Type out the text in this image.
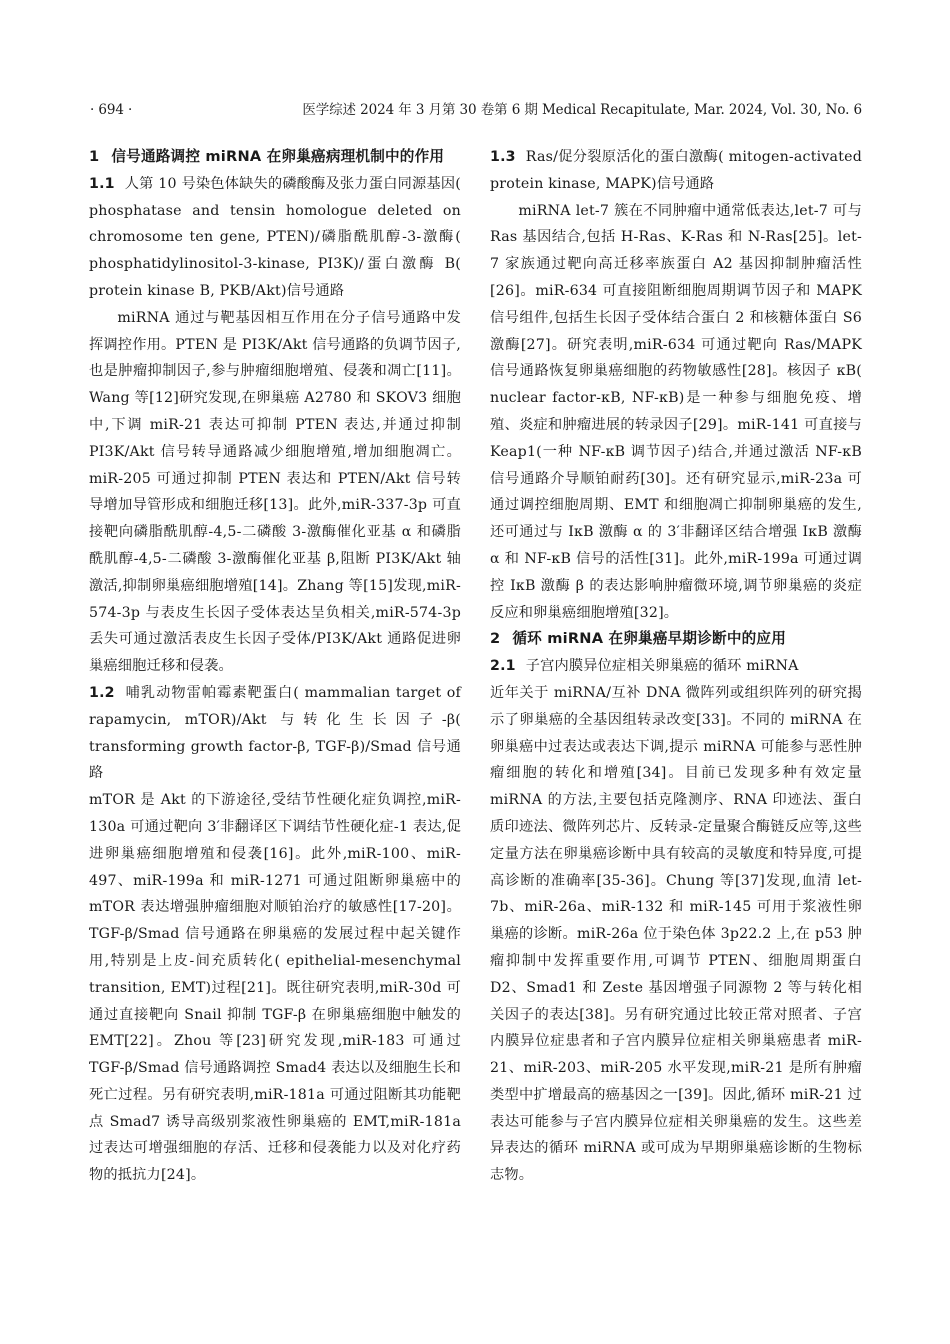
· 694 ·	医学综述 2024 年 3 月第 30 卷第 6 期 Medical Recapitulate, Mar. 2024, Vol. 30, No. 6

1 信号通路调控 miRNA 在卵巢癌病理机制中的作用

1.1 人第 10 号染色体缺失的磷酸酶及张力蛋白同源基因( phosphatase and tensin homologue deleted on chromosome ten gene, PTEN)/磷脂酰肌醇-3-激酶( phosphatidylinositol-3-kinase, PI3K)/蛋白激酶 B( protein kinase B, PKB/Akt)信号通路

miRNA 通过与靶基因相互作用在分子信号通路中发挥调控作用。PTEN 是 PI3K/Akt 信号通路的负调节因子,也是肿瘤抑制因子,参与肿瘤细胞增殖、侵袭和凋亡[11]。Wang 等[12]研究发现,在卵巢癌 A2780 和 SKOV3 细胞中,下调 miR-21 表达可抑制 PTEN 表达,并通过抑制 PI3K/Akt 信号转导通路减少细胞增殖,增加细胞凋亡。miR-205 可通过抑制 PTEN 表达和 PTEN/Akt 信号转导增加导管形成和细胞迁移[13]。此外,miR-337-3p 可直接靶向磷脂酰肌醇-4,5-二磷酸 3-激酶催化亚基 α 和磷脂酰肌醇-4,5-二磷酸 3-激酶催化亚基 β,阻断 PI3K/Akt 轴激活,抑制卵巢癌细胞增殖[14]。Zhang 等[15]发现,miR-574-3p 与表皮生长因子受体表达呈负相关,miR-574-3p 丢失可通过激活表皮生长因子受体/PI3K/Akt 通路促进卵巢癌细胞迁移和侵袭。

1.2 哺乳动物雷帕霉素靶蛋白( mammalian target of rapamycin, mTOR)/Akt 与转化生长因子-β( transforming growth factor-β, TGF-β)/Smad 信号通路

mTOR 是 Akt 的下游途径,受结节性硬化症负调控,miR-130a 可通过靶向 3′非翻译区下调结节性硬化症-1 表达,促进卵巢癌细胞增殖和侵袭[16]。此外,miR-100、miR-497、miR-199a 和 miR-1271 可通过阻断卵巢癌中的 mTOR 表达增强肿瘤细胞对顺铂治疗的敏感性[17-20]。TGF-β/Smad 信号通路在卵巢癌的发展过程中起关键作用,特别是上皮-间充质转化( epithelial-mesenchymal transition, EMT)过程[21]。既往研究表明,miR-30d 可通过直接靶向 Snail 抑制 TGF-β 在卵巢癌细胞中触发的 EMT[22]。Zhou 等[23]研究发现,miR-183 可通过 TGF-β/Smad 信号通路调控 Smad4 表达以及细胞生长和死亡过程。另有研究表明,miR-181a 可通过阻断其功能靶点 Smad7 诱导高级别浆液性卵巢癌的 EMT,miR-181a 过表达可增强细胞的存活、迁移和侵袭能力以及对化疗药物的抵抗力[24]。

1.3 Ras/促分裂原活化的蛋白激酶( mitogen-activated protein kinase, MAPK)信号通路

miRNA let-7 簇在不同肿瘤中通常低表达,let-7 可与 Ras 基因结合,包括 H-Ras、K-Ras 和 N-Ras[25]。let-7 家族通过靶向高迁移率族蛋白 A2 基因抑制肿瘤活性[26]。miR-634 可直接阻断细胞周期调节因子和 MAPK 信号组件,包括生长因子受体结合蛋白 2 和核糖体蛋白 S6 激酶[27]。研究表明,miR-634 可通过靶向 Ras/MAPK 信号通路恢复卵巢癌细胞的药物敏感性[28]。核因子 κB( nuclear factor-κB, NF-κB)是一种参与细胞免疫、增殖、炎症和肿瘤进展的转录因子[29]。miR-141 可直接与 Keap1(一种 NF-κB 调节因子)结合,并通过激活 NF-κB 信号通路介导顺铂耐药[30]。还有研究显示,miR-23a 可通过调控细胞周期、EMT 和细胞凋亡抑制卵巢癌的发生,还可通过与 IκB 激酶 α 的 3′非翻译区结合增强 IκB 激酶 α 和 NF-κB 信号的活性[31]。此外,miR-199a 可通过调控 IκB 激酶 β 的表达影响肿瘤微环境,调节卵巢癌的炎症反应和卵巢癌细胞增殖[32]。

2 循环 miRNA 在卵巢癌早期诊断中的应用

2.1 子宫内膜异位症相关卵巢癌的循环 miRNA

近年关于 miRNA/互补 DNA 微阵列或组织阵列的研究揭示了卵巢癌的全基因组转录改变[33]。不同的 miRNA 在卵巢癌中过表达或表达下调,提示 miRNA 可能参与恶性肿瘤细胞的转化和增殖[34]。目前已发现多种有效定量 miRNA 的方法,主要包括克隆测序、RNA 印迹法、蛋白质印迹法、微阵列芯片、反转录-定量聚合酶链反应等,这些定量方法在卵巢癌诊断中具有较高的灵敏度和特异度,可提高诊断的准确率[35-36]。Chung 等[37]发现,血清 let-7b、miR-26a、miR-132 和 miR-145 可用于浆液性卵巢癌的诊断。miR-26a 位于染色体 3p22.2 上,在 p53 肿瘤抑制中发挥重要作用,可调节 PTEN、细胞周期蛋白 D2、Smad1 和 Zeste 基因增强子同源物 2 等与转化相关因子的表达[38]。另有研究通过比较正常对照者、子宫内膜异位症患者和子宫内膜异位症相关卵巢癌患者 miR-21、miR-203、miR-205 水平发现,miR-21 是所有肿瘤类型中扩增最高的癌基因之一[39]。因此,循环 miR-21 过表达可能参与子宫内膜异位症相关卵巢癌的发生。这些差异表达的循环 miRNA 或可成为早期卵巢癌诊断的生物标志物。
